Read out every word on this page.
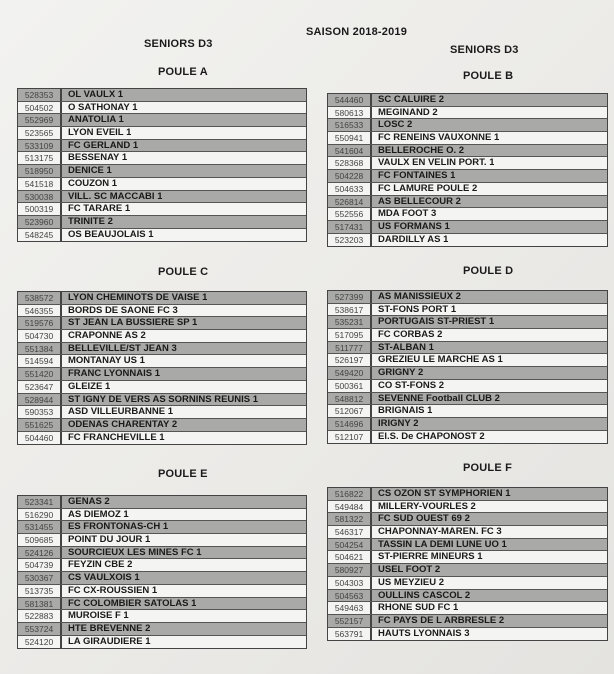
SAISON 2018-2019
SENIORS D3	SENIORS D3
POULE A
528353	OL VAULX 1
504502	O SATHONAY 1
552969	ANATOLIA 1
523565	LYON EVEIL 1
533109	FC GERLAND 1
513175	BESSENAY 1
518950	DENICE 1
541518	COUZON 1
530038	VILL. SC MACCABI 1
500319	FC TARARE 1
523960	TRINITE 2
548245	OS BEAUJOLAIS 1
POULE B
544460	SC CALUIRE 2
580613	MEGINAND 2
516533	LOSC 2
550941	FC RENEINS VAUXONNE 1
541604	BELLEROCHE O. 2
528368	VAULX EN VELIN PORT. 1
504228	FC FONTAINES 1
504633	FC LAMURE POULE 2
526814	AS BELLECOUR 2
552556	MDA FOOT 3
517431	US FORMANS 1
523203	DARDILLY AS 1
POULE C
538572	LYON CHEMINOTS DE VAISE 1
546355	BORDS DE SAONE FC 3
519576	ST JEAN LA BUSSIERE SP 1
504730	CRAPONNE AS 2
551384	BELLEVILLE/ST JEAN 3
514594	MONTANAY US 1
551420	FRANC LYONNAIS 1
523647	GLEIZE 1
528944	ST IGNY DE VERS AS SORNINS REUNIS 1
590353	ASD VILLEURBANNE 1
551625	ODENAS CHARENTAY 2
504460	FC FRANCHEVILLE 1
POULE D
527399	AS MANISSIEUX 2
538617	ST-FONS PORT 1
535231	PORTUGAIS ST-PRIEST 1
517095	FC CORBAS 2
511777	ST-ALBAN 1
526197	GREZIEU LE MARCHE AS 1
549420	GRIGNY 2
500361	CO ST-FONS 2
548812	SEVENNE Football CLUB 2
512067	BRIGNAIS 1
514696	IRIGNY 2
512107	El.S. De CHAPONOST 2
POULE E
523341	GENAS 2
516290	AS DIEMOZ 1
531455	ES FRONTONAS-CH 1
509685	POINT DU JOUR 1
524126	SOURCIEUX LES MINES FC 1
504739	FEYZIN CBE 2
530367	CS VAULXOIS 1
513735	FC CX-ROUSSIEN 1
581381	FC COLOMBIER SATOLAS 1
522883	MUROISE F 1
553724	HTE BREVENNE 2
524120	LA GIRAUDIERE 1
POULE F
516822	CS OZON ST SYMPHORIEN 1
549484	MILLERY-VOURLES 2
581322	FC SUD OUEST 69 2
546317	CHAPONNAY-MAREN. FC 3
504254	TASSIN LA DEMI LUNE UO 1
504621	ST-PIERRE MINEURS 1
580927	USEL FOOT 2
504303	US MEYZIEU 2
504563	OULLINS CASCOL 2
549463	RHONE SUD FC 1
552157	FC PAYS DE L ARBRESLE 2
563791	HAUTS LYONNAIS 3
